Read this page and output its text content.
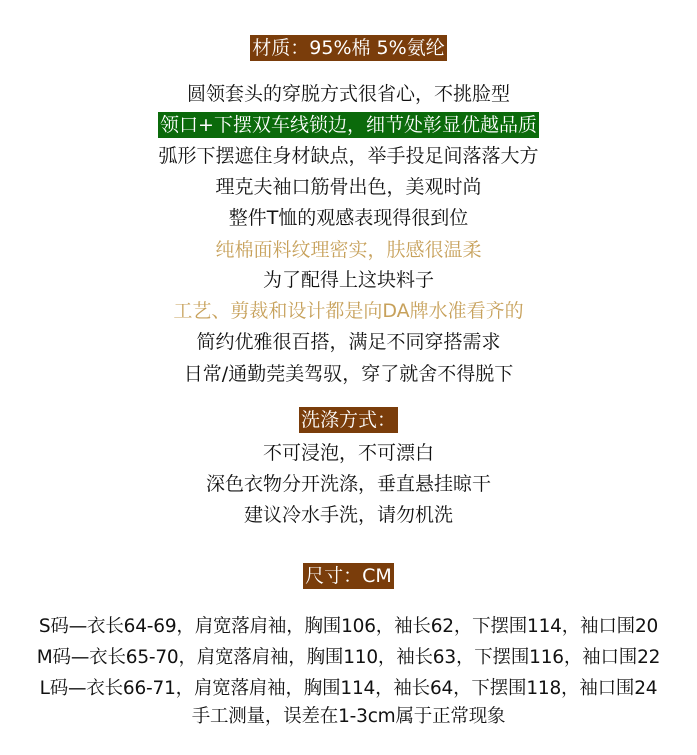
材质：95%棉 5%氨纶
圆领套头的穿脱方式很省心，不挑脸型
领口+下摆双车线锁边，细节处彰显优越品质
弧形下摆遮住身材缺点，举手投足间落落大方
理克夫袖口筋骨出色，美观时尚
整件T恤的观感表现得很到位
纯棉面料纹理密实，肤感很温柔
为了配得上这块料子
工艺、剪裁和设计都是向DA牌水准看齐的
简约优雅很百搭，满足不同穿搭需求
日常/通勤莞美驾驭，穿了就舍不得脱下
洗涤方式：
不可浸泡，不可漂白
深色衣物分开洗涤，垂直悬挂晾干
建议冷水手洗，请勿机洗
尺寸：CM
S码—衣长64-69，肩宽落肩袖，胸围106，袖长62，下摆围114，袖口围20
M码—衣长65-70，肩宽落肩袖，胸围110，袖长63，下摆围116，袖口围22
L码—衣长66-71，肩宽落肩袖，胸围114，袖长64，下摆围118，袖口围24
手工测量，误差在1-3cm属于正常现象
